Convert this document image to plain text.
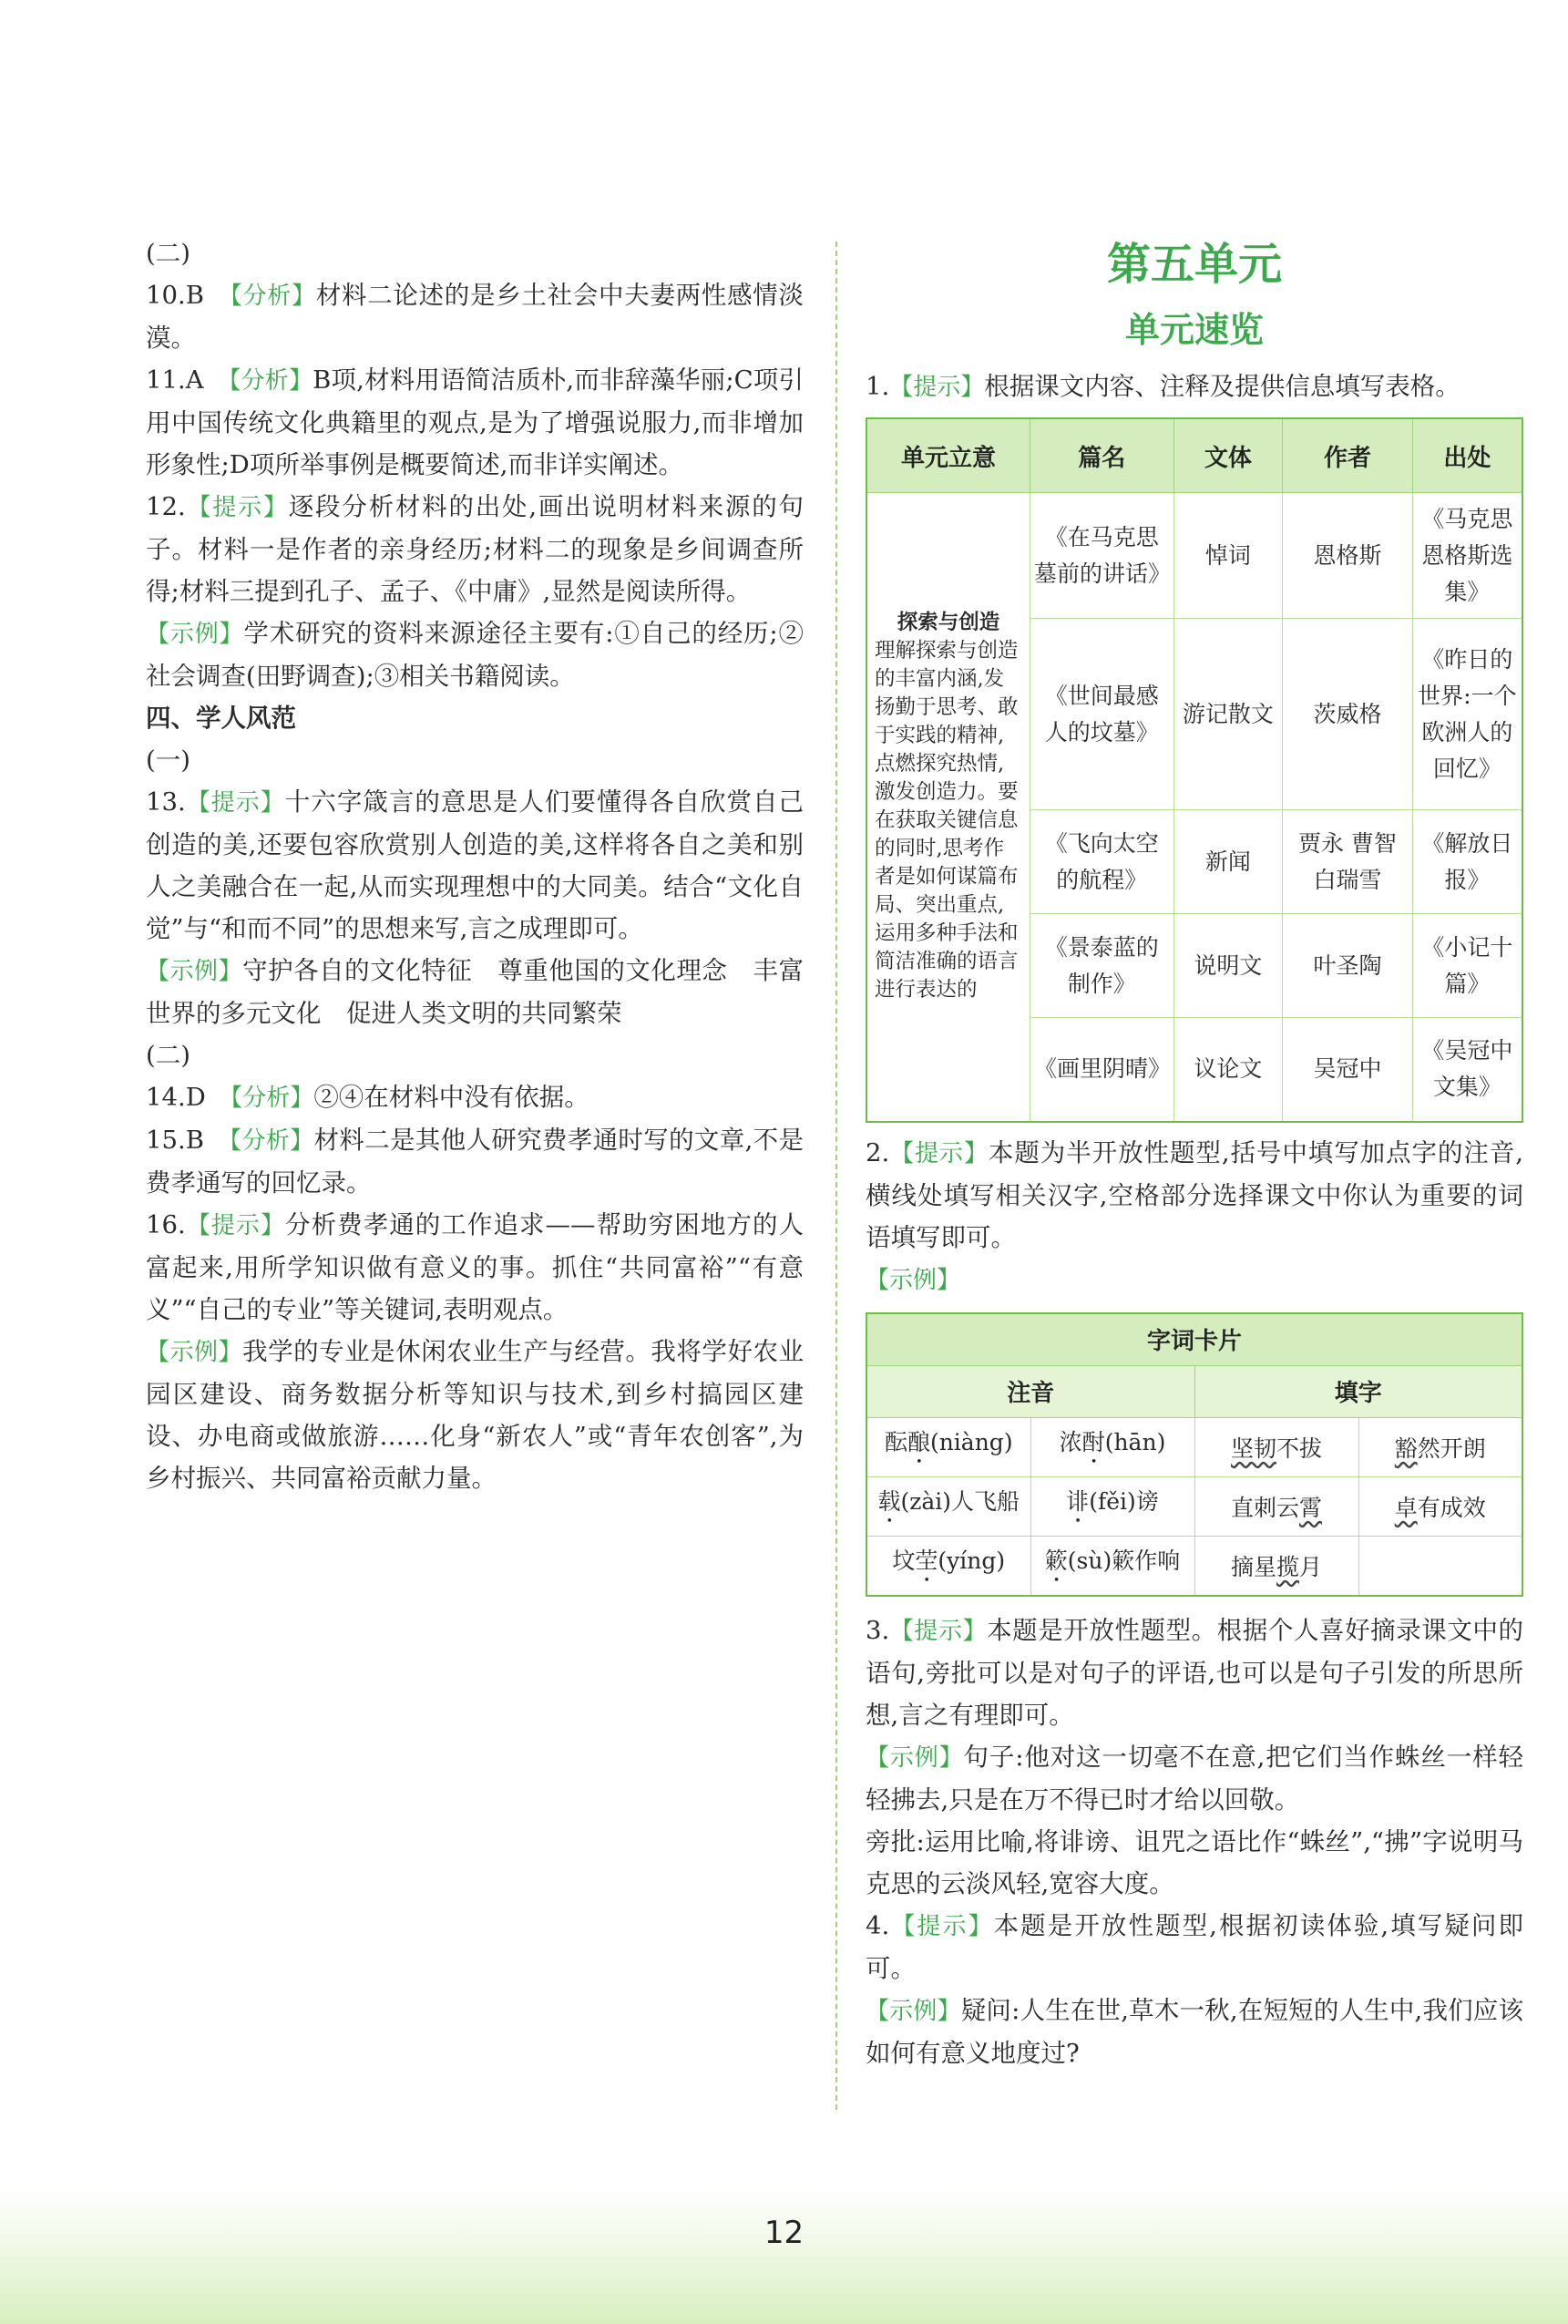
(二)

10.B　 【分析】材料二论述的是乡土社会中夫妻两性感情淡漠。

11.A　 【分析】B项,材料用语简洁质朴,而非辞藻华丽;C项引用中国传统文化典籍里的观点,是为了增强说服力,而非增加形象性;D项所举事例是概要简述,而非详实阐述。

12.【提示】逐段分析材料的出处,画出说明材料来源的句子。材料一是作者的亲身经历;材料二的现象是乡间调查所得;材料三提到孔子、孟子、《中庸》,显然是阅读所得。

【示例】学术研究的资料来源途径主要有:①自己的经历;②社会调查(田野调查);③相关书籍阅读。

四、学人风范

(一)

13.【提示】十六字箴言的意思是人们要懂得各自欣赏自己创造的美,还要包容欣赏别人创造的美,这样将各自之美和别人之美融合在一起,从而实现理想中的大同美。结合“文化自觉”与“和而不同”的思想来写,言之成理即可。

【示例】守护各自的文化特征　尊重他国的文化理念　丰富世界的多元文化　促进人类文明的共同繁荣

(二)

14.D　 【分析】②④在材料中没有依据。

15.B　 【分析】材料二是其他人研究费孝通时写的文章,不是费孝通写的回忆录。

16.【提示】分析费孝通的工作追求——帮助穷困地方的人富起来,用所学知识做有意义的事。抓住“共同富裕”“有意义”“自己的专业”等关键词,表明观点。

【示例】我学的专业是休闲农业生产与经营。我将学好农业园区建设、商务数据分析等知识与技术,到乡村搞园区建设、办电商或做旅游……化身“新农人”或“青年农创客”,为乡村振兴、共同富裕贡献力量。

第五单元
单元速览

1.【提示】根据课文内容、注释及提供信息填写表格。

单元立意	篇名	文体	作者	出处

探索与创造
理解探索与创造的丰富内涵,发扬勤于思考、敢于实践的精神,点燃探究热情,激发创造力。要在获取关键信息的同时,思考作者是如何谋篇布局、突出重点,运用多种手法和简洁准确的语言进行表达的	《在马克思墓前的讲话》	悼词	恩格斯	《马克思恩格斯选集》
	《世间最感人的坟墓》	游记散文	茨威格	《昨日的世界:一个欧洲人的回忆》
	《飞向太空的航程》	新闻	贾永 曹智 白瑞雪	《解放日报》
	《景泰蓝的制作》	说明文	叶圣陶	《小记十篇》
	《画里阴晴》	议论文	吴冠中	《吴冠中文集》

2.【提示】本题为半开放性题型,括号中填写加点字的注音,横线处填写相关汉字,空格部分选择课文中你认为重要的词语填写即可。

【示例】

字词卡片			
注音		填字	
酝酿(niàng)	浓酎(hān)	坚韧不拔	豁然开朗
载(zài)人飞船	诽(fěi)谤	直刺云霄	卓有成效
坟茔(yíng)	簌(sù)簌作响	摘星揽月	

3.【提示】本题是开放性题型。根据个人喜好摘录课文中的语句,旁批可以是对句子的评语,也可以是句子引发的所思所想,言之有理即可。

【示例】句子:他对这一切毫不在意,把它们当作蛛丝一样轻轻拂去,只是在万不得已时才给以回敬。

旁批:运用比喻,将诽谤、诅咒之语比作“蛛丝”,“拂”字说明马克思的云淡风轻,宽容大度。

4.【提示】本题是开放性题型,根据初读体验,填写疑问即可。

【示例】疑问:人生在世,草木一秋,在短短的人生中,我们应该如何有意义地度过?

12
